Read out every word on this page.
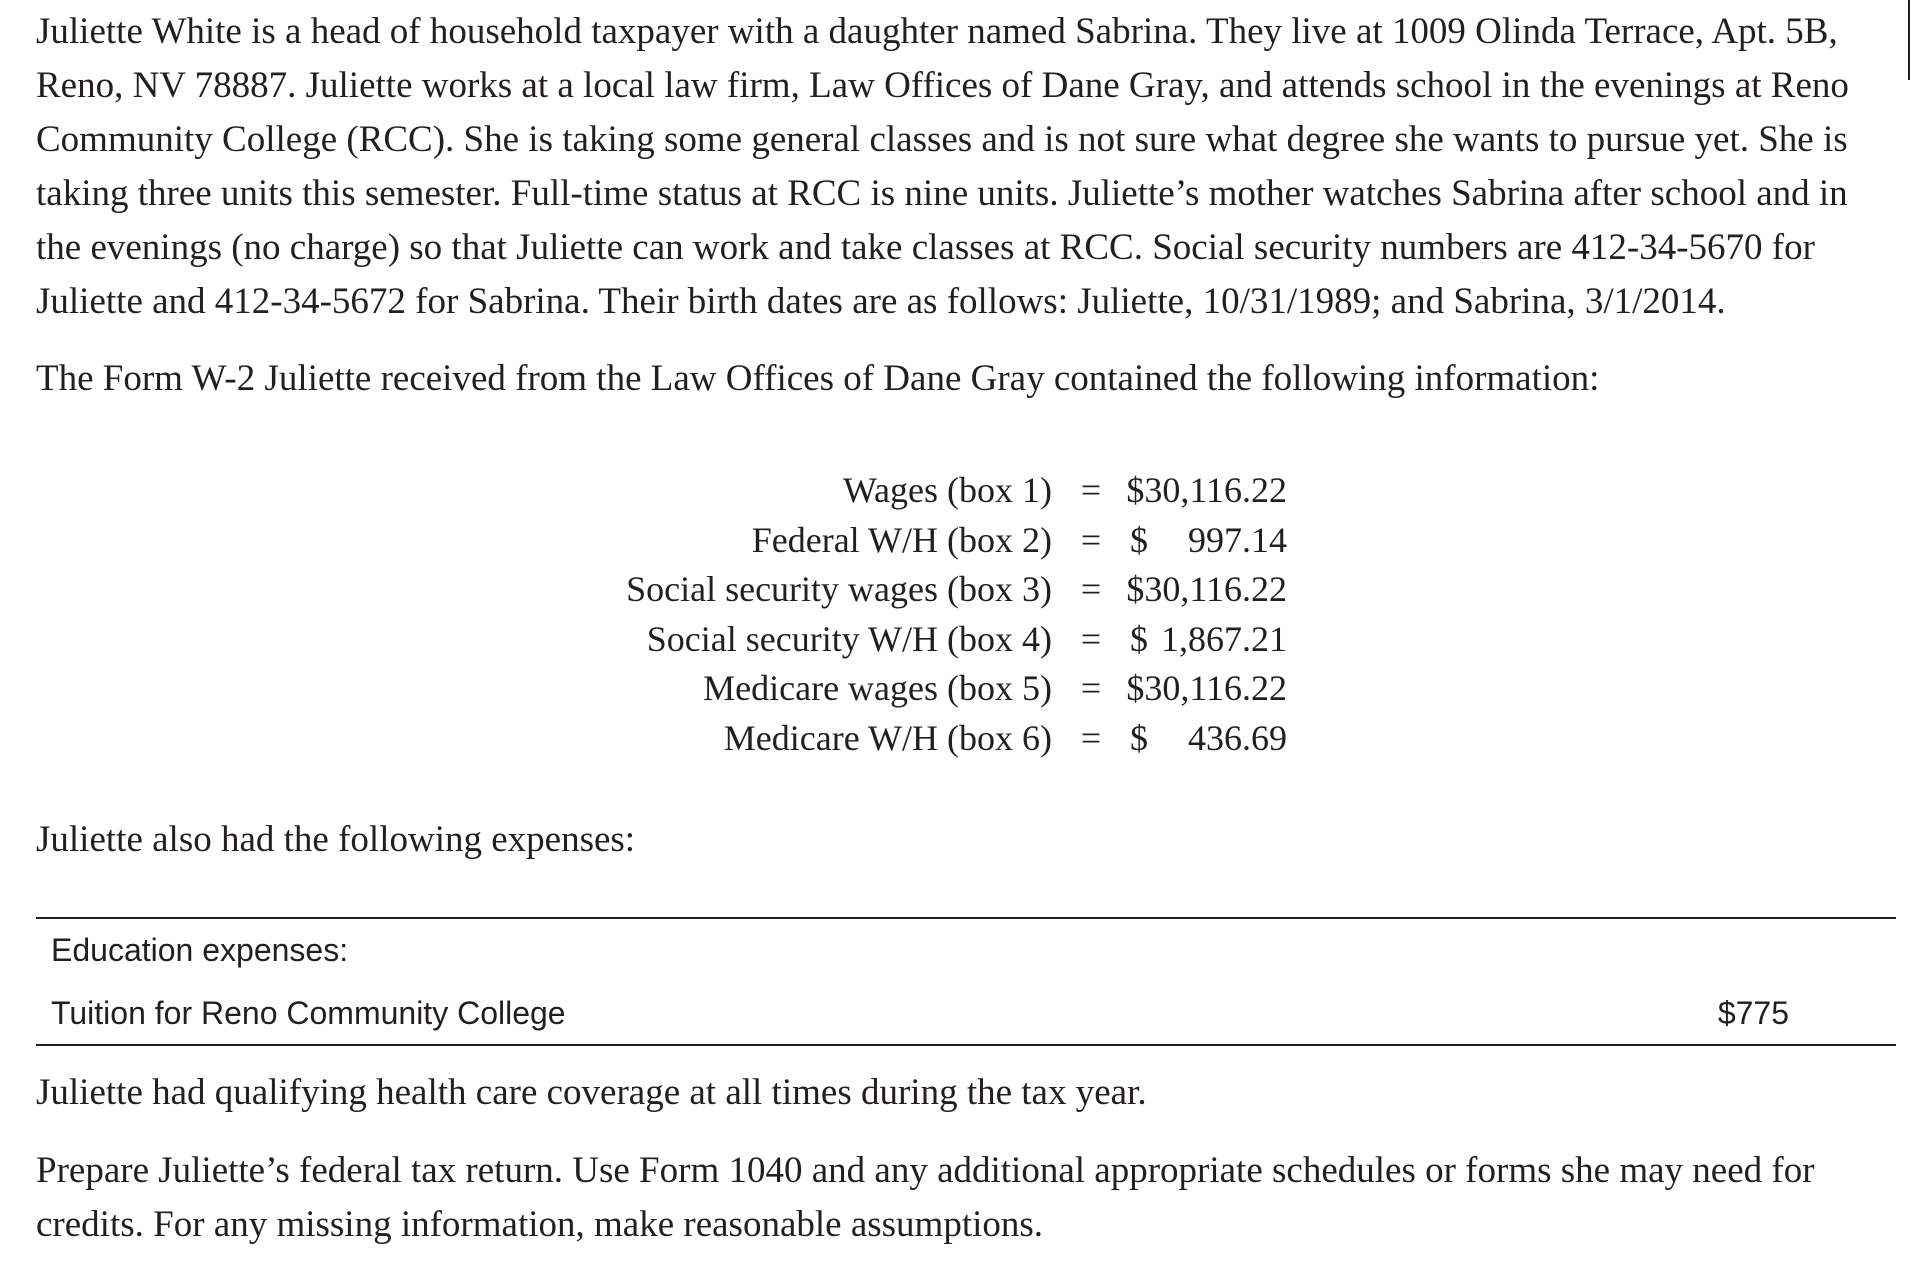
Juliette White is a head of household taxpayer with a daughter named Sabrina. They live at 1009 Olinda Terrace, Apt. 5B, Reno, NV 78887. Juliette works at a local law firm, Law Offices of Dane Gray, and attends school in the evenings at Reno Community College (RCC). She is taking some general classes and is not sure what degree she wants to pursue yet. She is taking three units this semester. Full-time status at RCC is nine units. Juliette’s mother watches Sabrina after school and in the evenings (no charge) so that Juliette can work and take classes at RCC. Social security numbers are 412-34-5670 for Juliette and 412-34-5672 for Sabrina. Their birth dates are as follows: Juliette, 10/31/1989; and Sabrina, 3/1/2014.

The Form W-2 Juliette received from the Law Offices of Dane Gray contained the following information:

Wages (box 1)	=	$30,116.22

Federal W/H (box 2)	=	$ 997.14

Social security wages (box 3)	=	$30,116.22

Social security W/H (box 4)	=	$ 1,867.21

Medicare wages (box 5)	=	$30,116.22

Medicare W/H (box 6)	=	$ 436.69

Juliette also had the following expenses:

Education expenses:
Tuition for Reno Community College	$775

Juliette had qualifying health care coverage at all times during the tax year.

Prepare Juliette’s federal tax return. Use Form 1040 and any additional appropriate schedules or forms she may need for credits. For any missing information, make reasonable assumptions.
